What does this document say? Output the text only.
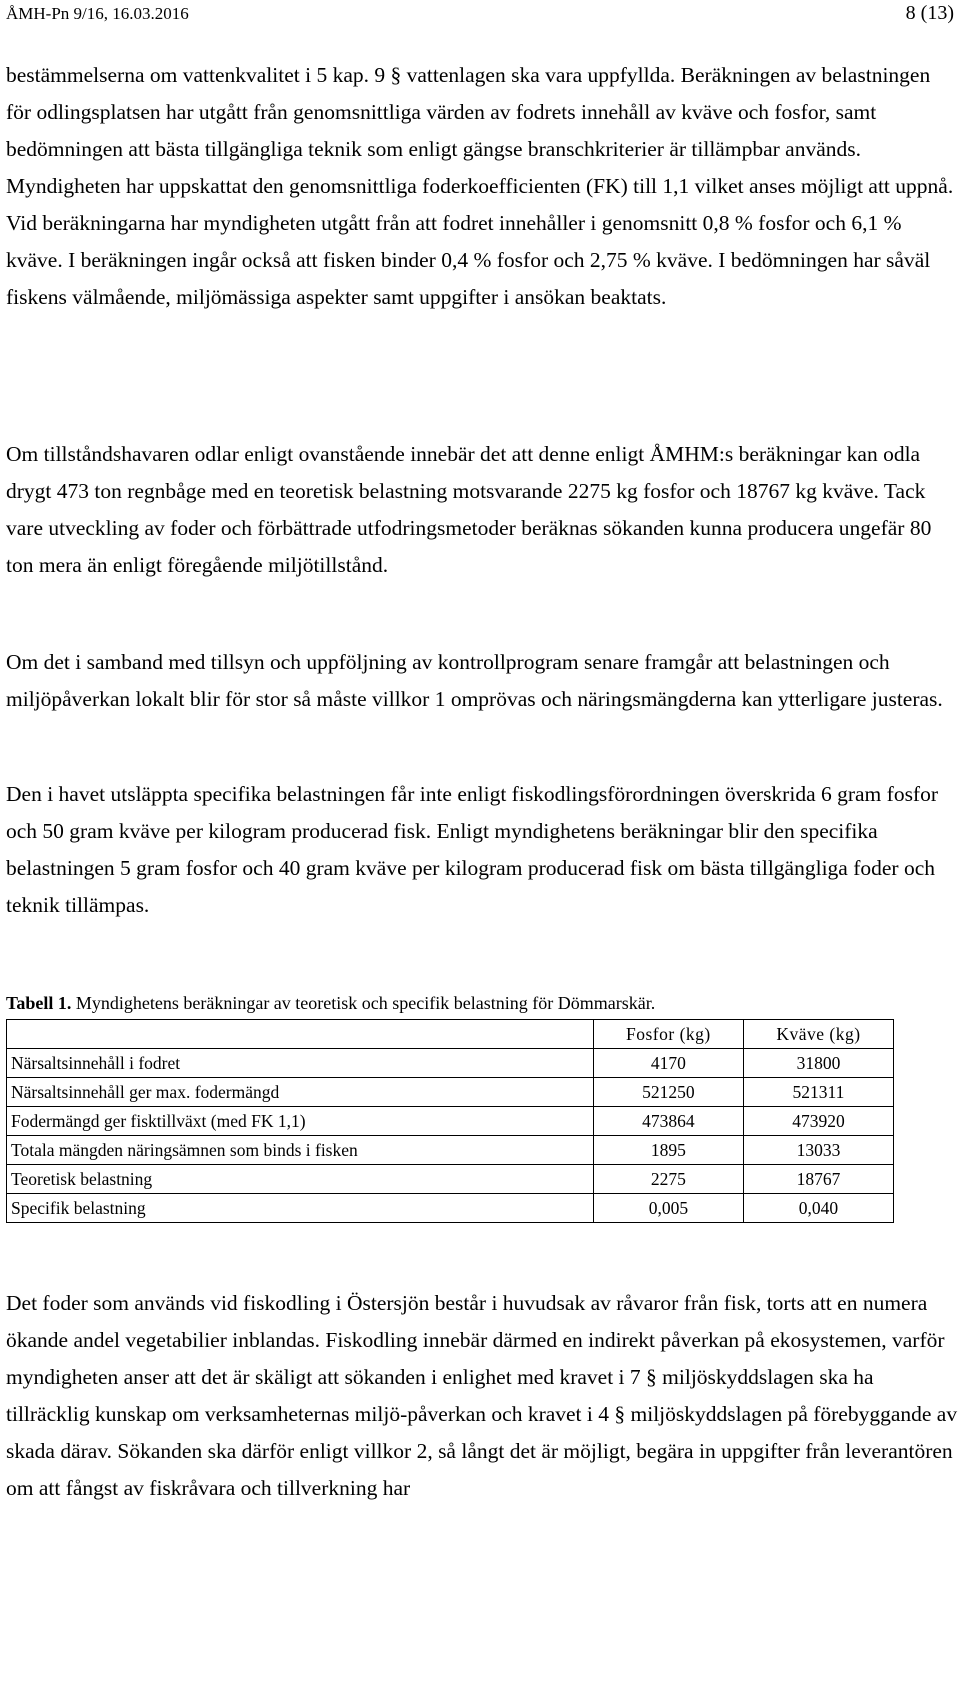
ÅMH-Pn 9/16, 16.03.2016	8 (13)
bestämmelserna om vattenkvalitet i 5 kap. 9 § vattenlagen ska vara uppfyllda. Beräkningen av belastningen för odlingsplatsen har utgått från genomsnittliga värden av fodrets innehåll av kväve och fosfor, samt bedömningen att bästa tillgängliga teknik som enligt gängse branschkriterier är tillämpbar används. Myndigheten har uppskattat den genomsnittliga foderkoefficienten (FK) till 1,1 vilket anses möjligt att uppnå. Vid beräkningarna har myndigheten utgått från att fodret innehåller i genomsnitt 0,8 % fosfor och 6,1 % kväve. I beräkningen ingår också att fisken binder 0,4 % fosfor och 2,75 % kväve. I bedömningen har såväl fiskens välmående, miljömässiga aspekter samt uppgifter i ansökan beaktats.
Om tillståndshavaren odlar enligt ovanstående innebär det att denne enligt ÅMHM:s beräkningar kan odla drygt 473 ton regnbåge med en teoretisk belastning motsvarande 2275 kg fosfor och 18767 kg kväve. Tack vare utveckling av foder och förbättrade utfodringsmetoder beräknas sökanden kunna producera ungefär 80 ton mera än enligt föregående miljötillstånd.
Om det i samband med tillsyn och uppföljning av kontrollprogram senare framgår att belastningen och miljöpåverkan lokalt blir för stor så måste villkor 1 omprövas och näringsmängderna kan ytterligare justeras.
Den i havet utsläppta specifika belastningen får inte enligt fiskodlingsförordningen överskrida 6 gram fosfor och 50 gram kväve per kilogram producerad fisk. Enligt myndighetens beräkningar blir den specifika belastningen 5 gram fosfor och 40 gram kväve per kilogram producerad fisk om bästa tillgängliga foder och teknik tillämpas.
Tabell 1. Myndighetens beräkningar av teoretisk och specifik belastning för Dömmarskär.
	Fosfor (kg)	Kväve (kg)
Närsaltsinnehåll i fodret	4170	31800
Närsaltsinnehåll ger max. fodermängd	521250	521311
Fodermängd ger fisktillväxt (med FK 1,1)	473864	473920
Totala mängden näringsämnen som binds i fisken	1895	13033
Teoretisk belastning	2275	18767
Specifik belastning	0,005	0,040
Det foder som används vid fiskodling i Östersjön består i huvudsak av råvaror från fisk, torts att en numera ökande andel vegetabilier inblandas. Fiskodling innebär därmed en indirekt påverkan på ekosystemen, varför myndigheten anser att det är skäligt att sökanden i enlighet med kravet i 7 § miljöskyddslagen ska ha tillräcklig kunskap om verksamheternas miljö-påverkan och kravet i 4 § miljöskyddslagen på förebyggande av skada därav. Sökanden ska därför enligt villkor 2, så långt det är möjligt, begära in uppgifter från leverantören om att fångst av fiskråvara och tillverkning har
